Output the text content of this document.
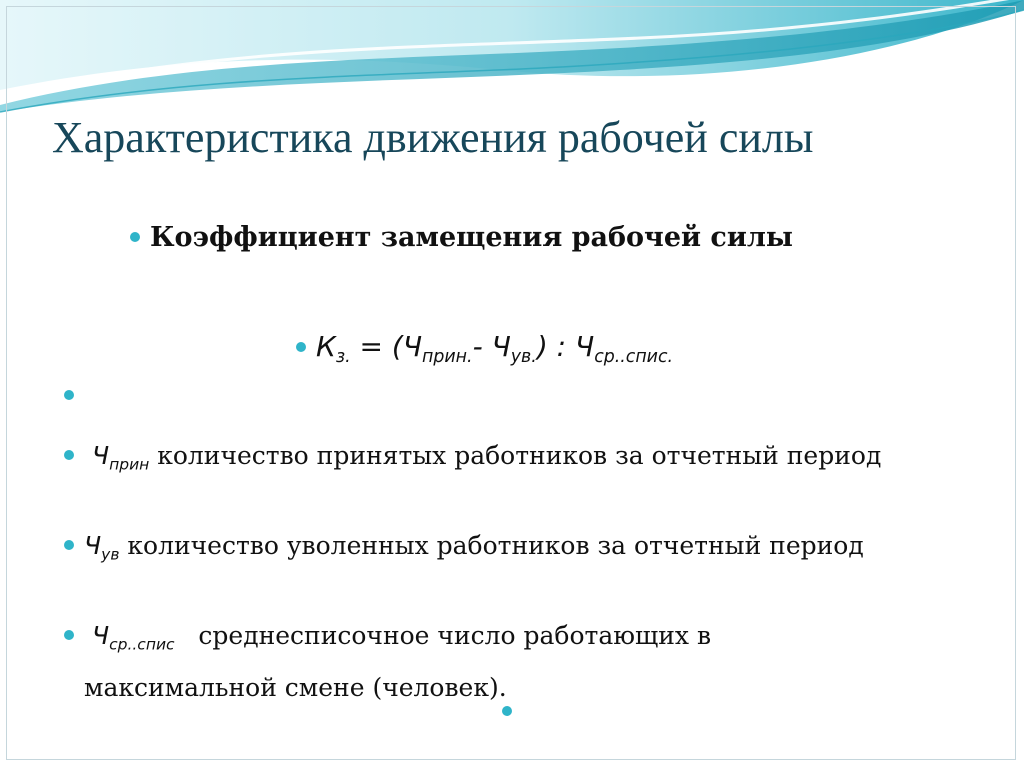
Характеристика движения рабочей силы
Коэффициент замещения рабочей силы
$К_{з.} = (Ч_{прин.}-$ $Ч_{ув.}$) : $Ч_{ср..спис.}$
$Ч_{прин}$ количество принятых работников за отчетный период
$Ч_{ув}$ количество уволенных работников за отчетный период
$Ч_{ср..спис}$   среднесписочное число работающих в максимальной смене (человек).
